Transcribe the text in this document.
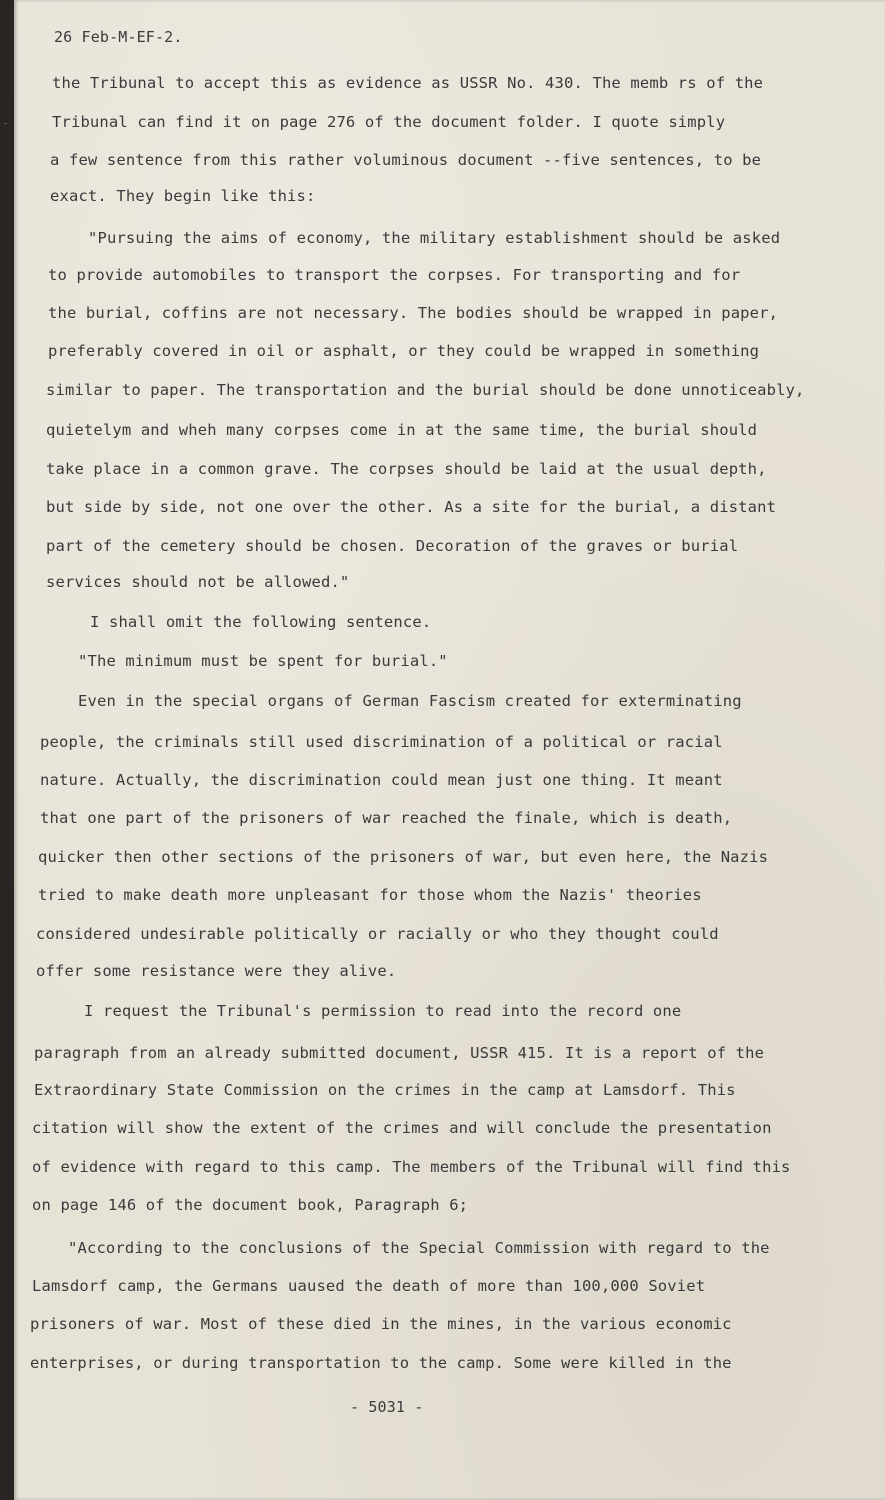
26 Feb-M-EF-2.
the Tribunal to accept this as evidence as USSR No. 430. The memb rs of the
Tribunal can find it on page 276 of the document folder. I quote simply
a few sentence from this rather voluminous document --five sentences, to be
exact. They begin like this:
"Pursuing the aims of economy, the military establishment should be asked
to provide automobiles to transport the corpses. For transporting and for
the burial, coffins are not necessary. The bodies should be wrapped in paper,
preferably covered in oil or asphalt, or they could be wrapped in something
similar to paper. The transportation and the burial should be done unnoticeably,
quietelym and wheh many corpses come in at the same time, the burial should
take place in a common grave. The corpses should be laid at the usual depth,
but side by side, not one over the other. As a site for the burial, a distant
part of the cemetery should be chosen. Decoration of the graves or burial
services should not be allowed."
I shall omit the following sentence.
"The minimum must be spent for burial."
Even in the special organs of German Fascism created for exterminating
people, the criminals still used discrimination of a political or racial
nature. Actually, the discrimination could mean just one thing. It meant
that one part of the prisoners of war reached the finale, which is death,
quicker then other sections of the prisoners of war, but even here, the Nazis
tried to make death more unpleasant for those whom the Nazis' theories
considered undesirable politically or racially or who they thought could
offer some resistance were they alive.
I request the Tribunal's permission to read into the record one
paragraph from an already submitted document, USSR 415. It is a report of the
Extraordinary State Commission on the crimes in the camp at Lamsdorf. This
citation will show the extent of the crimes and will conclude the presentation
of evidence with regard to this camp. The members of the Tribunal will find this
on page 146 of the document book, Paragraph 6;
"According to the conclusions of the Special Commission with regard to the
Lamsdorf camp, the Germans uaused the death of more than 100,000 Soviet
prisoners of war. Most of these died in the mines, in the various economic
enterprises, or during transportation to the camp. Some were killed in the
- 5031 -
-
